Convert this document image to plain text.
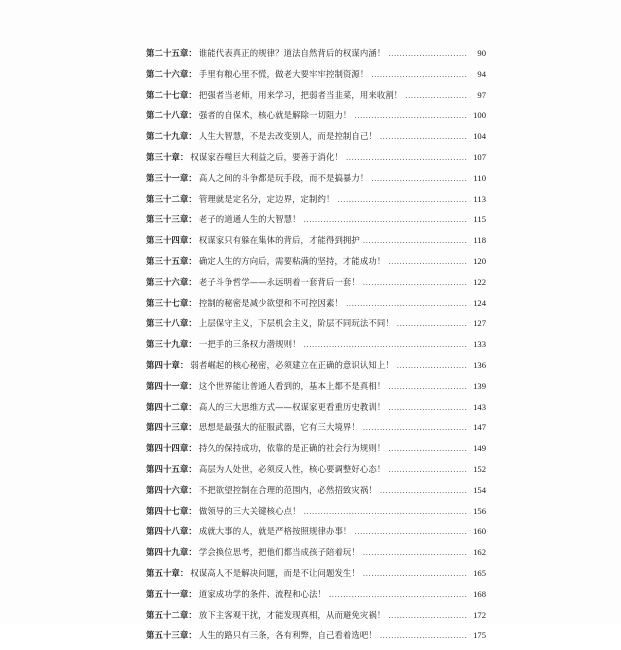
第二十五章： 谁能代表真正的规律？道法自然背后的权谋内涵！ .....	90
第二十六章： 手里有粮心里不慌，做老大要牢牢控制资源！ .....	94
第二十七章： 把强者当老师，用来学习，把弱者当韭菜，用来收割！ .....	97
第二十八章： 强者的自保术，核心就是解除一切阻力！ .....	100
第二十九章： 人生大智慧，不是去改变别人，而是控制自己！ .....	104
第三十章： 权谋家吞噬巨大利益之后，要善于消化！ .....	107
第三十一章： 高人之间的斗争都是玩手段，而不是搞暴力！ .....	110
第三十二章： 管理就是定名分，定边界，定制约！ .....	113
第三十三章： 老子的道通人生的大智慧！ .....	115
第三十四章： 权谋家只有躲在集体的背后，才能得到拥护 .....	118
第三十五章： 确定人生的方向后，需要粘满的坚持，才能成功！ .....	120
第三十六章： 老子斗争哲学——永远明着一套背后一套！ .....	122
第三十七章： 控制的秘密是减少欲望和不可控因素！ .....	124
第三十八章： 上层保守主义，下层机会主义，阶层不同玩法不同！ .....	127
第三十九章： 一把手的三条权力潜规则！ .....	133
第四十章： 弱者崛起的核心秘密，必须建立在正确的意识认知上！ .....	136
第四十一章： 这个世界能让普通人看到的，基本上都不是真相！ .....	139
第四十二章： 高人的三大思维方式——权谋家更看重历史教训！ .....	143
第四十三章： 思想是最强大的征服武器，它有三大境界！ .....	147
第四十四章： 持久的保持成功，依靠的是正确的社会行为规则！ .....	149
第四十五章： 高层为人处世，必须反人性，核心要调整好心态！ .....	152
第四十六章： 不把欲望控制在合理的范围内，必然招致灾祸！ .....	154
第四十七章： 做领导的三大关键核心点！ .....	156
第四十八章： 成就大事的人，就是严格按照规律办事！ .....	160
第四十九章： 学会换位思考，把他们都当成孩子陪着玩！ .....	162
第五十章： 权谋高人不是解决问题，而是不让问题发生！ .....	165
第五十一章： 道家成功学的条件、流程和心法！ .....	168
第五十二章： 放下主客观干扰，才能发现真相，从而避免灾祸！ .....	172
第五十三章： 人生的路只有三条，各有利弊，自己看着选吧！ .....	175
